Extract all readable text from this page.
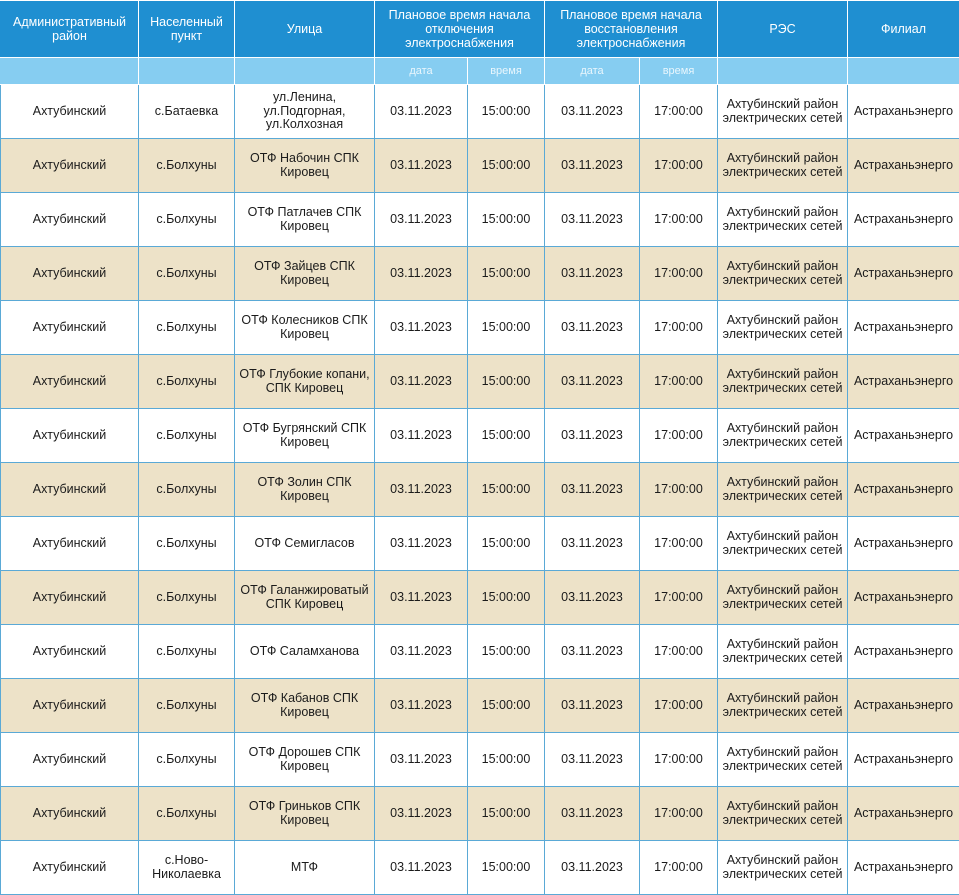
Административный район	Населенный пункт	Улица	Плановое время начала отключения электроснабжения		Плановое время начала восстановления электроснабжения		РЭС	Филиал
			дата	время	дата	время		
Ахтубинский	с.Батаевка	ул.Ленина, ул.Подгорная, ул.Колхозная	03.11.2023	15:00:00	03.11.2023	17:00:00	Ахтубинский район электрических сетей	Астраханьэнерго
Ахтубинский	с.Болхуны	ОТФ Набочин СПК Кировец	03.11.2023	15:00:00	03.11.2023	17:00:00	Ахтубинский район электрических сетей	Астраханьэнерго
Ахтубинский	с.Болхуны	ОТФ Патлачев СПК Кировец	03.11.2023	15:00:00	03.11.2023	17:00:00	Ахтубинский район электрических сетей	Астраханьэнерго
Ахтубинский	с.Болхуны	ОТФ Зайцев СПК Кировец	03.11.2023	15:00:00	03.11.2023	17:00:00	Ахтубинский район электрических сетей	Астраханьэнерго
Ахтубинский	с.Болхуны	ОТФ Колесников СПК Кировец	03.11.2023	15:00:00	03.11.2023	17:00:00	Ахтубинский район электрических сетей	Астраханьэнерго
Ахтубинский	с.Болхуны	ОТФ Глубокие копани, СПК Кировец	03.11.2023	15:00:00	03.11.2023	17:00:00	Ахтубинский район электрических сетей	Астраханьэнерго
Ахтубинский	с.Болхуны	ОТФ Бугрянский СПК Кировец	03.11.2023	15:00:00	03.11.2023	17:00:00	Ахтубинский район электрических сетей	Астраханьэнерго
Ахтубинский	с.Болхуны	ОТФ Золин СПК Кировец	03.11.2023	15:00:00	03.11.2023	17:00:00	Ахтубинский район электрических сетей	Астраханьэнерго
Ахтубинский	с.Болхуны	ОТФ Семигласов	03.11.2023	15:00:00	03.11.2023	17:00:00	Ахтубинский район электрических сетей	Астраханьэнерго
Ахтубинский	с.Болхуны	ОТФ Галанжироватый СПК Кировец	03.11.2023	15:00:00	03.11.2023	17:00:00	Ахтубинский район электрических сетей	Астраханьэнерго
Ахтубинский	с.Болхуны	ОТФ Саламханова	03.11.2023	15:00:00	03.11.2023	17:00:00	Ахтубинский район электрических сетей	Астраханьэнерго
Ахтубинский	с.Болхуны	ОТФ Кабанов СПК Кировец	03.11.2023	15:00:00	03.11.2023	17:00:00	Ахтубинский район электрических сетей	Астраханьэнерго
Ахтубинский	с.Болхуны	ОТФ Дорошев СПК Кировец	03.11.2023	15:00:00	03.11.2023	17:00:00	Ахтубинский район электрических сетей	Астраханьэнерго
Ахтубинский	с.Болхуны	ОТФ Гриньков СПК Кировец	03.11.2023	15:00:00	03.11.2023	17:00:00	Ахтубинский район электрических сетей	Астраханьэнерго
Ахтубинский	с.Ново-Николаевка	МТФ	03.11.2023	15:00:00	03.11.2023	17:00:00	Ахтубинский район электрических сетей	Астраханьэнерго
